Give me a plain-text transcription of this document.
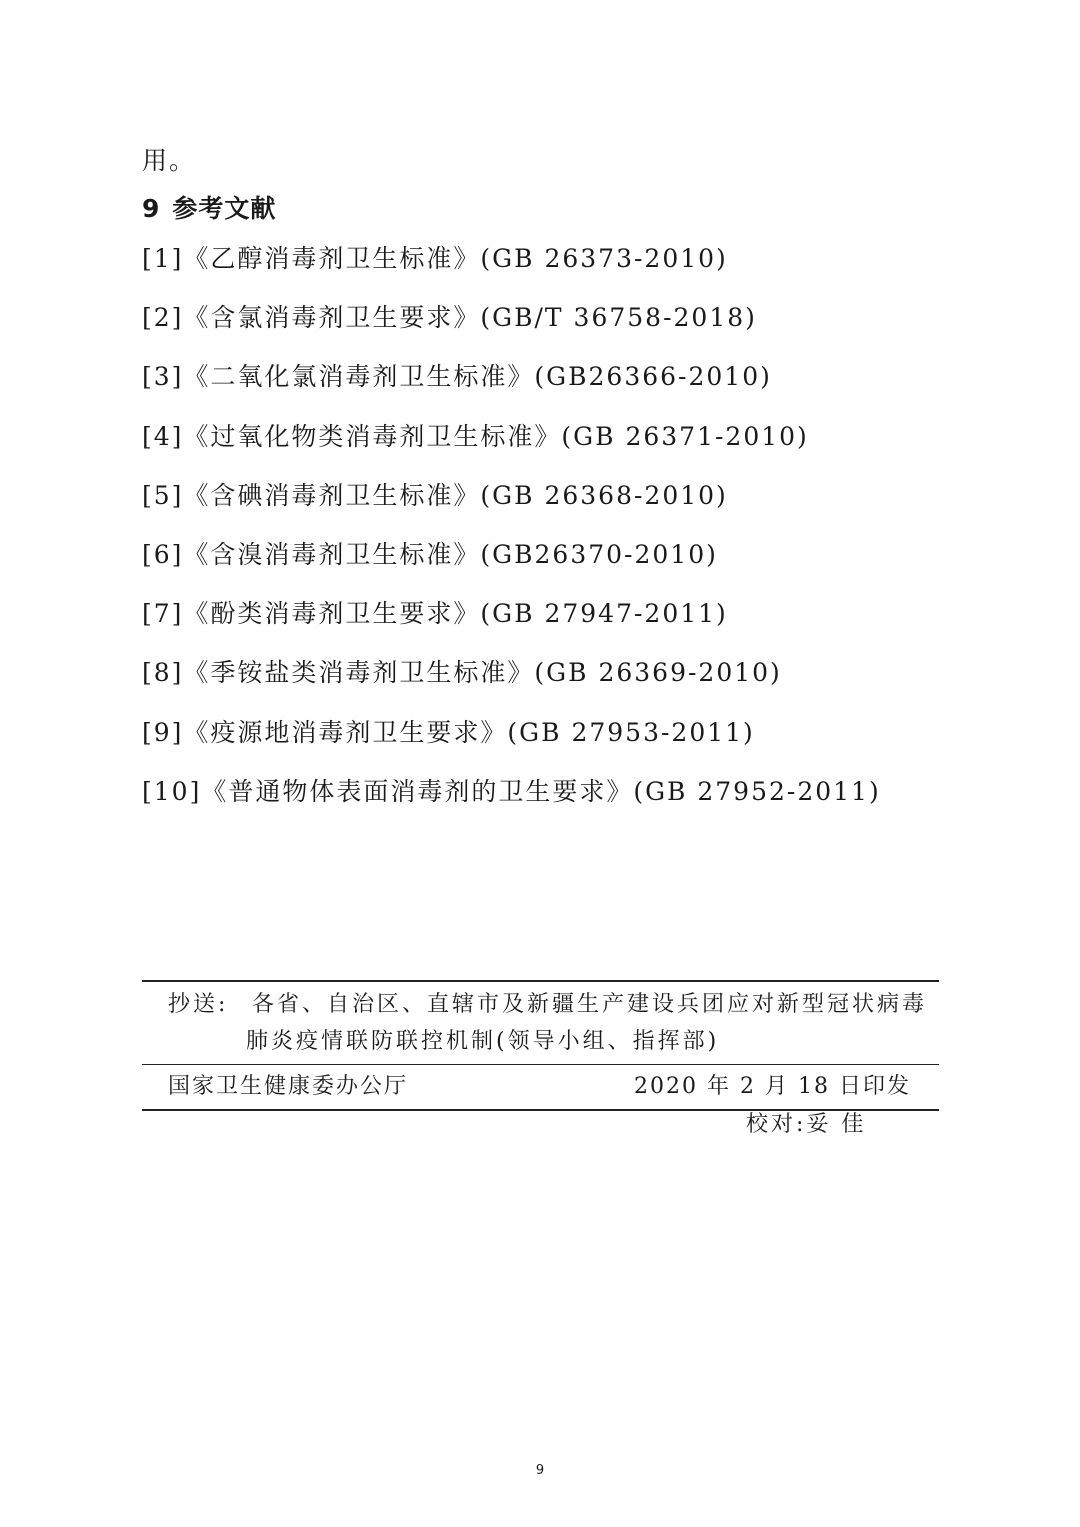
用。
9 参考文献
[1]《乙醇消毒剂卫生标准》(GB 26373-2010)
[2]《含氯消毒剂卫生要求》(GB/T 36758-2018)
[3]《二氧化氯消毒剂卫生标准》(GB26366-2010)
[4]《过氧化物类消毒剂卫生标准》(GB 26371-2010)
[5]《含碘消毒剂卫生标准》(GB 26368-2010)
[6]《含溴消毒剂卫生标准》(GB26370-2010)
[7]《酚类消毒剂卫生要求》(GB 27947-2011)
[8]《季铵盐类消毒剂卫生标准》(GB 26369-2010)
[9]《疫源地消毒剂卫生要求》(GB 27953-2011)
[10]《普通物体表面消毒剂的卫生要求》(GB 27952-2011)
抄送: 各省、自治区、直辖市及新疆生产建设兵团应对新型冠状病毒
肺炎疫情联防联控机制(领导小组、指挥部)
国家卫生健康委办公厅	2020 年 2 月 18 日印发
校对:妥 佳
9
